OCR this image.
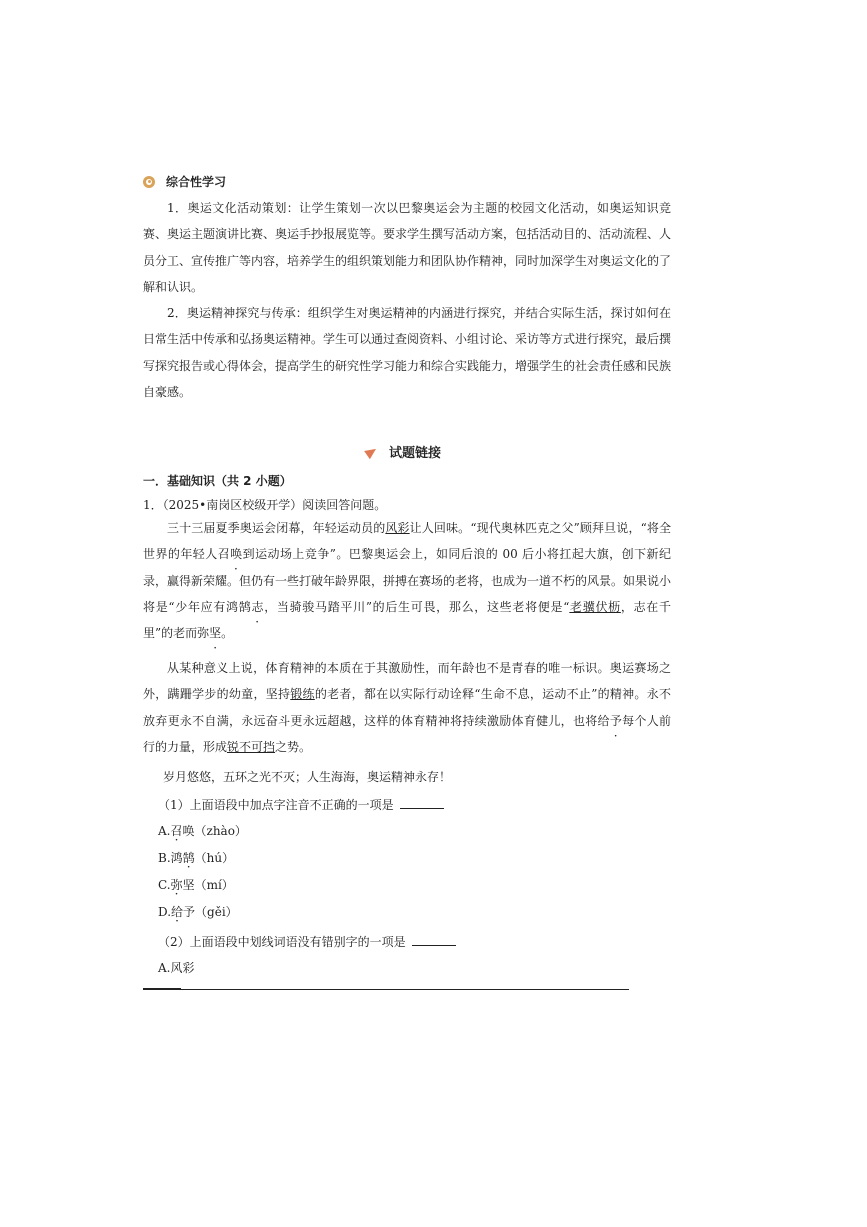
综合性学习
1．奥运文化活动策划：让学生策划一次以巴黎奥运会为主题的校园文化活动，如奥运知识竞赛、奥运主题演讲比赛、奥运手抄报展览等。要求学生撰写活动方案，包括活动目的、活动流程、人员分工、宣传推广等内容，培养学生的组织策划能力和团队协作精神，同时加深学生对奥运文化的了解和认识。
2．奥运精神探究与传承：组织学生对奥运精神的内涵进行探究，并结合实际生活，探讨如何在日常生活中传承和弘扬奥运精神。学生可以通过查阅资料、小组讨论、采访等方式进行探究，最后撰写探究报告或心得体会，提高学生的研究性学习能力和综合实践能力，增强学生的社会责任感和民族自豪感。
试题链接
一．基础知识（共 2 小题）
1．（2025•南岗区校级开学）阅读回答问题。
三十三届夏季奥运会闭幕，年轻运动员的风彩让人回味。“现代奥林匹克之父”顾拜旦说，“将全世界的年轻人召唤到运动场上竞争”。巴黎奥运会上，如同后浪的 00 后小将扛起大旗，创下新纪录，赢得新荣耀。但仍有一些打破年龄界限，拼搏在赛场的老将，也成为一道不朽的风景。如果说小将是“少年应有鸿鹄志，当骑骏马踏平川”的后生可畏，那么，这些老将便是“老骥伏枥，志在千里”的老而弥坚。
从某种意义上说，体育精神的本质在于其激励性，而年龄也不是青春的唯一标识。奥运赛场之外，蹒跚学步的幼童，坚持锻练的老者，都在以实际行动诠释“生命不息，运动不止”的精神。永不放弃更永不自满，永远奋斗更永远超越，这样的体育精神将持续激励体育健儿，也将给予每个人前行的力量，形成锐不可挡之势。
岁月悠悠，五环之光不灭；人生海海，奥运精神永存！
（1）上面语段中加点字注音不正确的一项是
A.召唤（zhào）
B.鸿鹄（hú）
C.弥坚（mí）
D.给予（gěi）
（2）上面语段中划线词语没有错别字的一项是
A.风彩
